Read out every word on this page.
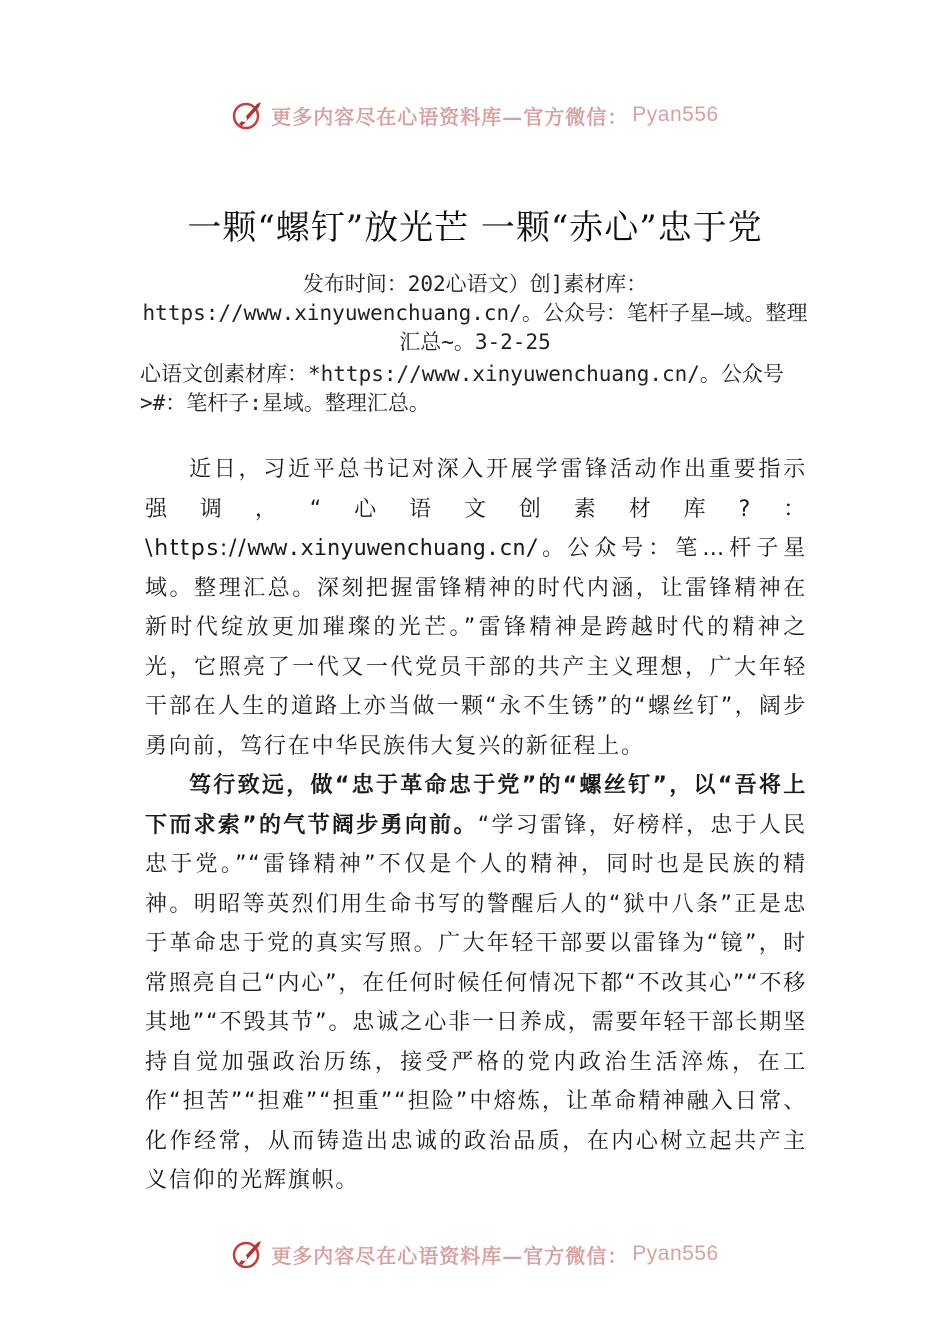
更多内容尽在心语资料库—官方微信： Pyan556
一颗“螺钉”放光芒 一颗“赤心”忠于党
发布时间：202心语文）创]素材库：https://www.xinyuwenchuang.cn/。公众号：笔杆子星—域。整理汇总~。3-2-25
心语文创素材库：*https://www.xinyuwenchuang.cn/。公众号>#：笔杆子:星域。整理汇总。

近日，习近平总书记对深入开展学雷锋活动作出重要指示强调，“心语文创素材库?：\https://www.xinyuwenchuang.cn/。公众号：笔…杆子星域。整理汇总。深刻把握雷锋精神的时代内涵，让雷锋精神在新时代绽放更加璀璨的光芒。”雷锋精神是跨越时代的精神之光，它照亮了一代又一代党员干部的共产主义理想，广大年轻干部在人生的道路上亦当做一颗“永不生锈”的“螺丝钉”，阔步勇向前，笃行在中华民族伟大复兴的新征程上。

笃行致远，做“忠于革命忠于党”的“螺丝钉”，以“吾将上下而求索”的气节阔步勇向前。“学习雷锋，好榜样，忠于人民忠于党。”“雷锋精神”不仅是个人的精神，同时也是民族的精神。明昭等英烈们用生命书写的警醒后人的“狱中八条”正是忠于革命忠于党的真实写照。广大年轻干部要以雷锋为“镜”，时常照亮自己“内心”，在任何时候任何情况下都“不改其心”“不移其地”“不毁其节”。忠诚之心非一日养成，需要年轻干部长期坚持自觉加强政治历练，接受严格的党内政治生活淬炼，在工作“担苦”“担难”“担重”“担险”中熔炼，让革命精神融入日常、化作经常，从而铸造出忠诚的政治品质，在内心树立起共产主义信仰的光辉旗帜。

更多内容尽在心语资料库—官方微信： Pyan556
